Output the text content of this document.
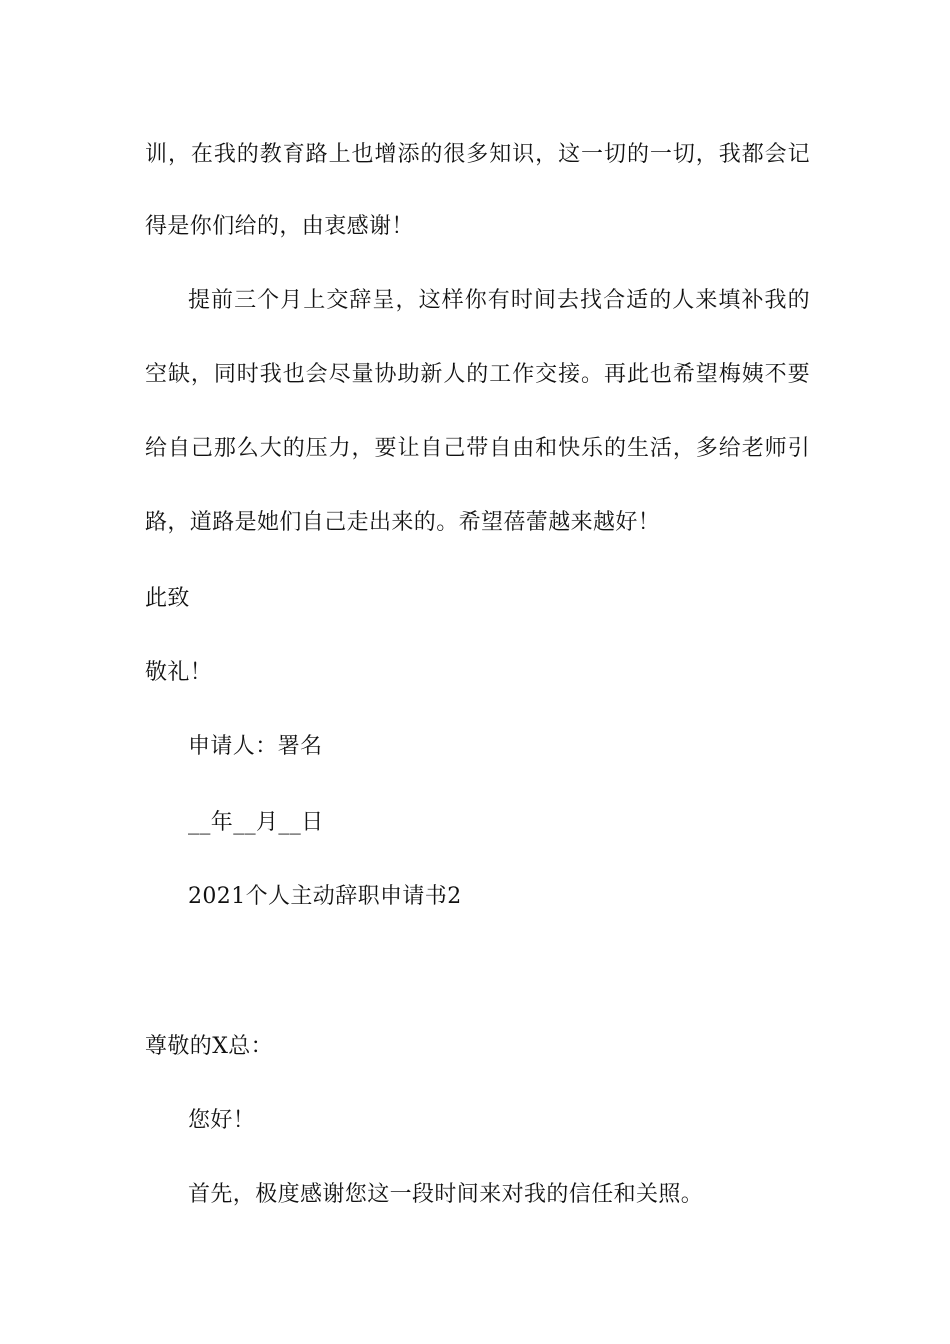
训，在我的教育路上也增添的很多知识，这一切的一切，我都会记
得是你们给的，由衷感谢！
提前三个月上交辞呈，这样你有时间去找合适的人来填补我的
空缺，同时我也会尽量协助新人的工作交接。再此也希望梅姨不要
给自己那么大的压力，要让自己带自由和快乐的生活，多给老师引
路，道路是她们自己走出来的。希望蓓蕾越来越好！
此致
敬礼！
申请人：署名
__年__月__日
2021个人主动辞职申请书2
尊敬的X总：
您好！
首先，极度感谢您这一段时间来对我的信任和关照。
